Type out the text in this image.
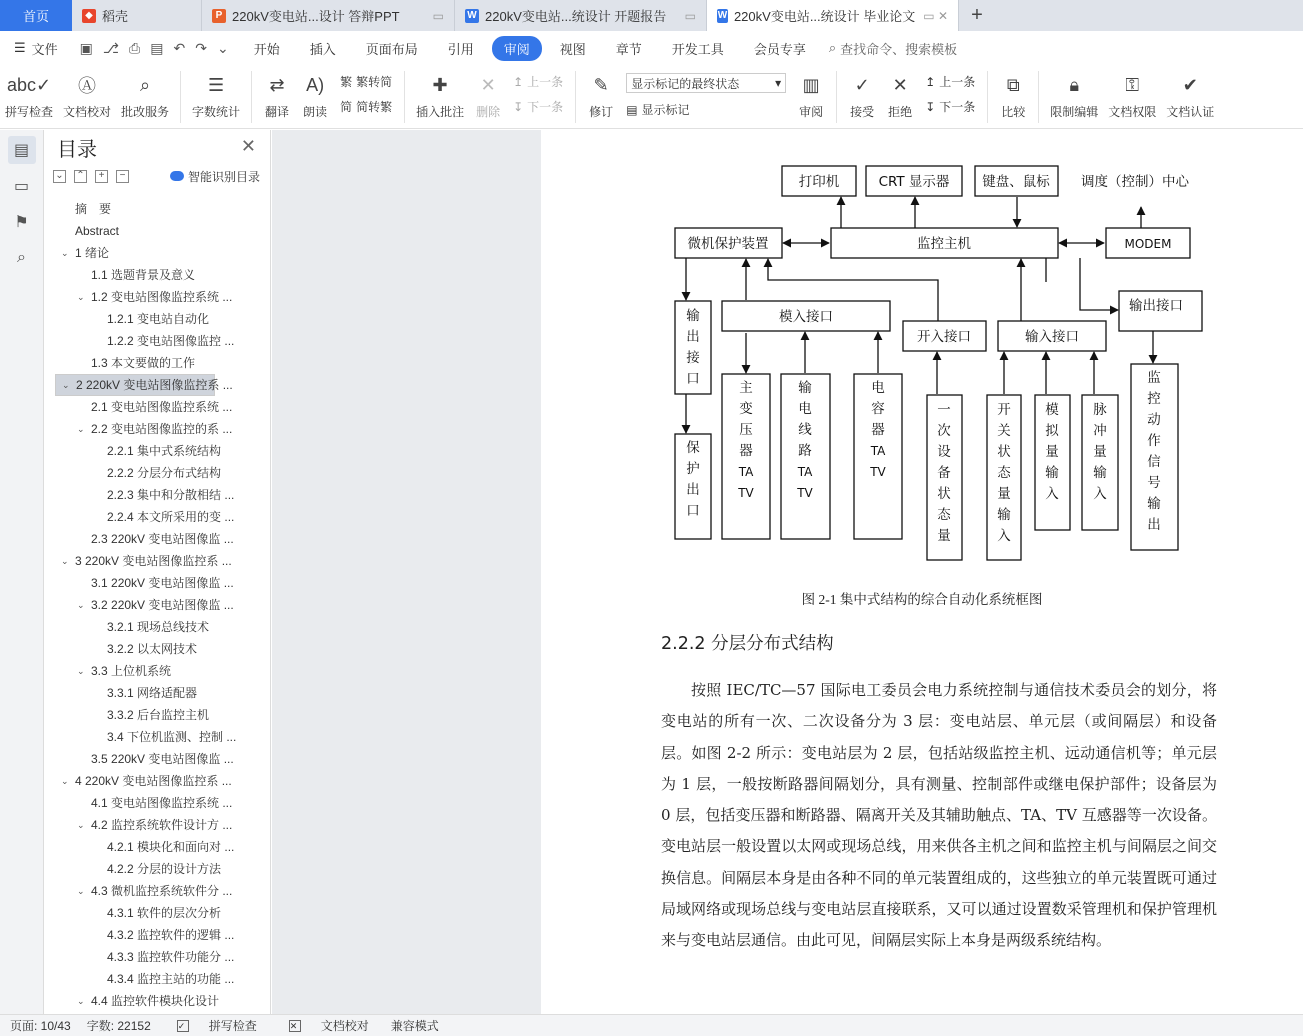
首页	◆ 稻壳	P 220kV变电站...设计 答辩PPT	▭ W 220kV变电站...统设计 开题报告	▭ W 220kV变电站...统设计 毕业论文 ▭ ✕	+
☰ 文件 ▣ ⎇ ⎙ ▤ ↶ ↷ ⌄	开始	插入	页面布局	引用	审阅	视图	章节	开发工具	会员专享	⌕ 查找命令、搜索模板
abc✓
拼写检查
Ⓐ
文档校对
⌕
批改服务
☰
字数统计
⇄
翻译
A)
朗读
繁 繁转简
简 简转繁
✚
插入批注
✕
删除
↥ 上一条
↧ 下一条
✎
修订
显示标记的最终状态	▾
▤ 显示标记
▥
审阅
✓
接受
✕
拒绝
↥ 上一条
↧ 下一条
⧉
比较
🔒︎
限制编辑
⚿
文档权限
✔
文档认证
▤
▭
⚑
⌕
目录	✕
⌄ ⌃	+	−	智能识别目录
摘　要
Abstract
⌄ 1 绪论
1.1 选题背景及意义
⌄ 1.2 变电站图像监控系统 ...
1.2.1 变电站自动化
1.2.2 变电站图像监控 ...
1.3 本文要做的工作
⌄ 2 220kV 变电站图像监控系 ...
2.1 变电站图像监控系统 ...
⌄ 2.2 变电站图像监控的系 ...
2.2.1 集中式系统结构
2.2.2 分层分布式结构
2.2.3 集中和分散相结 ...
2.2.4 本文所采用的变 ...
2.3 220kV 变电站图像监 ...
⌄ 3 220kV 变电站图像监控系 ...
3.1 220kV 变电站图像监 ...
⌄ 3.2 220kV 变电站图像监 ...
3.2.1 现场总线技术
3.2.2 以太网技术
⌄ 3.3 上位机系统
3.3.1 网络适配器
3.3.2 后台监控主机
3.4 下位机监测、控制 ...
3.5 220kV 变电站图像监 ...
⌄ 4 220kV 变电站图像监控系 ...
4.1 变电站图像监控系统 ...
⌄ 4.2 监控系统软件设计方 ...
4.2.1 模块化和面向对 ...
4.2.2 分层的设计方法
⌄ 4.3 微机监控系统软件分 ...
4.3.1 软件的层次分析
4.3.2 监控软件的逻辑 ...
4.3.3 监控软件功能分 ...
4.3.4 监控主站的功能 ...
⌄ 4.4 监控软件模块化设计
打印机	CRT 显示器 键盘、鼠标 调度（控制）中心
微机保护装置	监控主机	MODEM
模入接口
开入接口	输入接口
输出接口
输
出
接
口
保
护
出
口
主
变
压
器
TA
TV
输
电
线
路
TA
TV
电
容
器
TA
TV
一
次
设
备
状
态
量
开
关
状
态
量
输
入
模
拟
量
输
入
脉
冲
量
输
入
监
控
动
作
信
号
输
出
图 2-1 集中式结构的综合自动化系统框图
2.2.2 分层分布式结构
按照 IEC/TC—57 国际电工委员会电力系统控制与通信技术委员会的划分，将变电站的所有一次、二次设备分为 3 层：变电站层、单元层（或间隔层）和设备层。如图 2-2 所示：变电站层为 2 层，包括站级监控主机、远动通信机等；单元层为 1 层，一般按断路器间隔划分，具有测量、控制部件或继电保护部件；设备层为 0 层，包括变压器和断路器、隔离开关及其辅助触点、TA、TV 互感器等一次设备。变电站层一般设置以太网或现场总线，用来供各主机之间和监控主机与间隔层之间交换信息。间隔层本身是由各种不同的单元装置组成的，这些独立的单元装置既可通过局域网络或现场总线与变电站层直接联系，又可以通过设置数采管理机和保护管理机来与变电站层通信。由此可见，间隔层实际上本身是两级系统结构。
页面: 10/43 字数: 22152	✓ 拼写检查	✕ 文档校对 兼容模式
